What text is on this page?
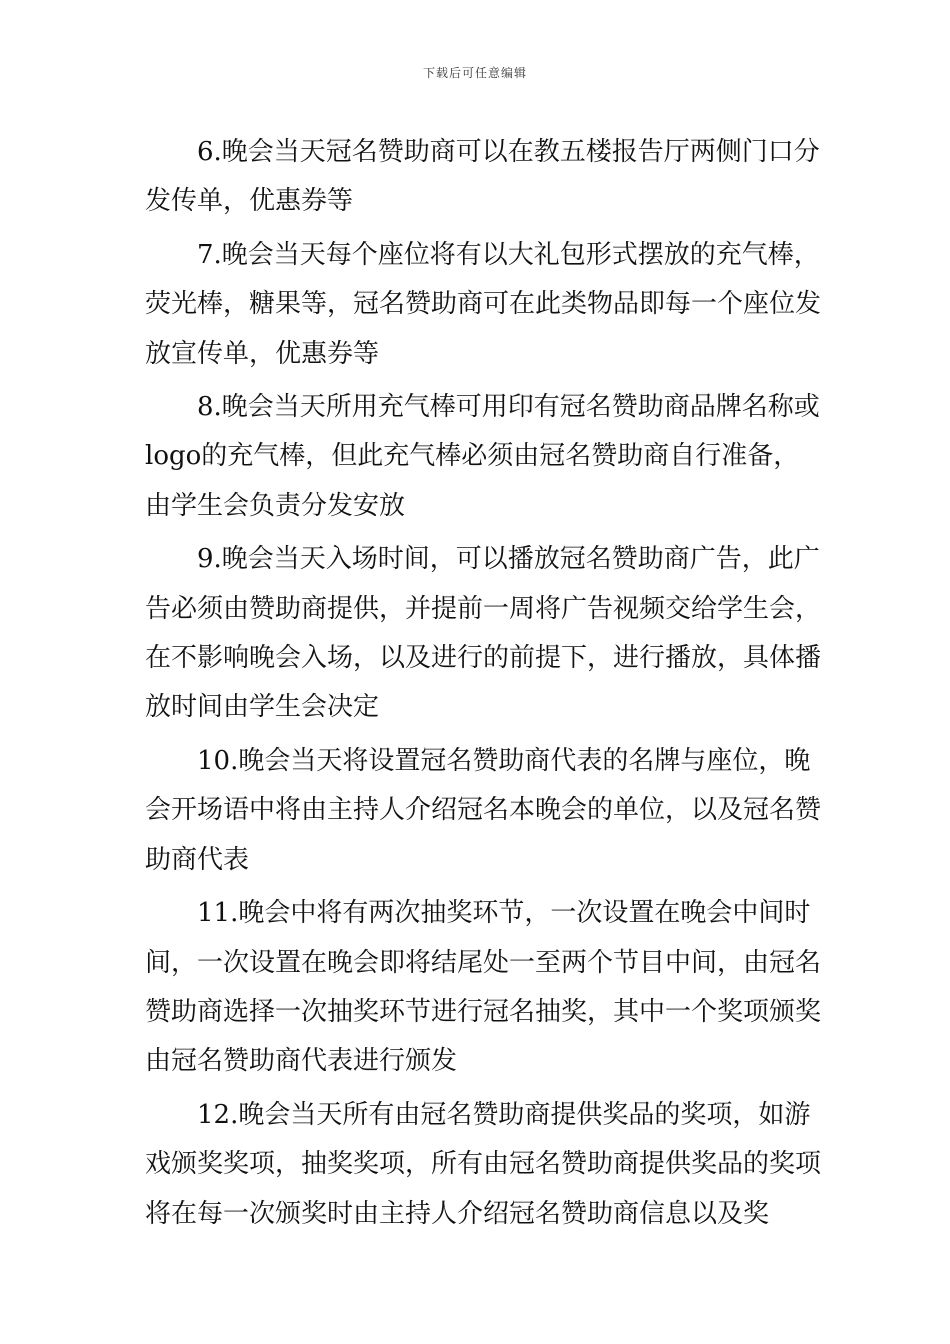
下载后可任意编辑

6.晚会当天冠名赞助商可以在教五楼报告厅两侧门口分发传单，优惠券等

7.晚会当天每个座位将有以大礼包形式摆放的充气棒，荧光棒，糖果等，冠名赞助商可在此类物品即每一个座位发放宣传单，优惠券等

8.晚会当天所用充气棒可用印有冠名赞助商品牌名称或logo的充气棒，但此充气棒必须由冠名赞助商自行准备，由学生会负责分发安放

9.晚会当天入场时间，可以播放冠名赞助商广告，此广告必须由赞助商提供，并提前一周将广告视频交给学生会，在不影响晚会入场，以及进行的前提下，进行播放，具体播放时间由学生会决定

10.晚会当天将设置冠名赞助商代表的名牌与座位，晚会开场语中将由主持人介绍冠名本晚会的单位，以及冠名赞助商代表

11.晚会中将有两次抽奖环节，一次设置在晚会中间时间，一次设置在晚会即将结尾处一至两个节目中间，由冠名赞助商选择一次抽奖环节进行冠名抽奖，其中一个奖项颁奖由冠名赞助商代表进行颁发

12.晚会当天所有由冠名赞助商提供奖品的奖项，如游戏颁奖奖项，抽奖奖项，所有由冠名赞助商提供奖品的奖项将在每一次颁奖时由主持人介绍冠名赞助商信息以及奖
